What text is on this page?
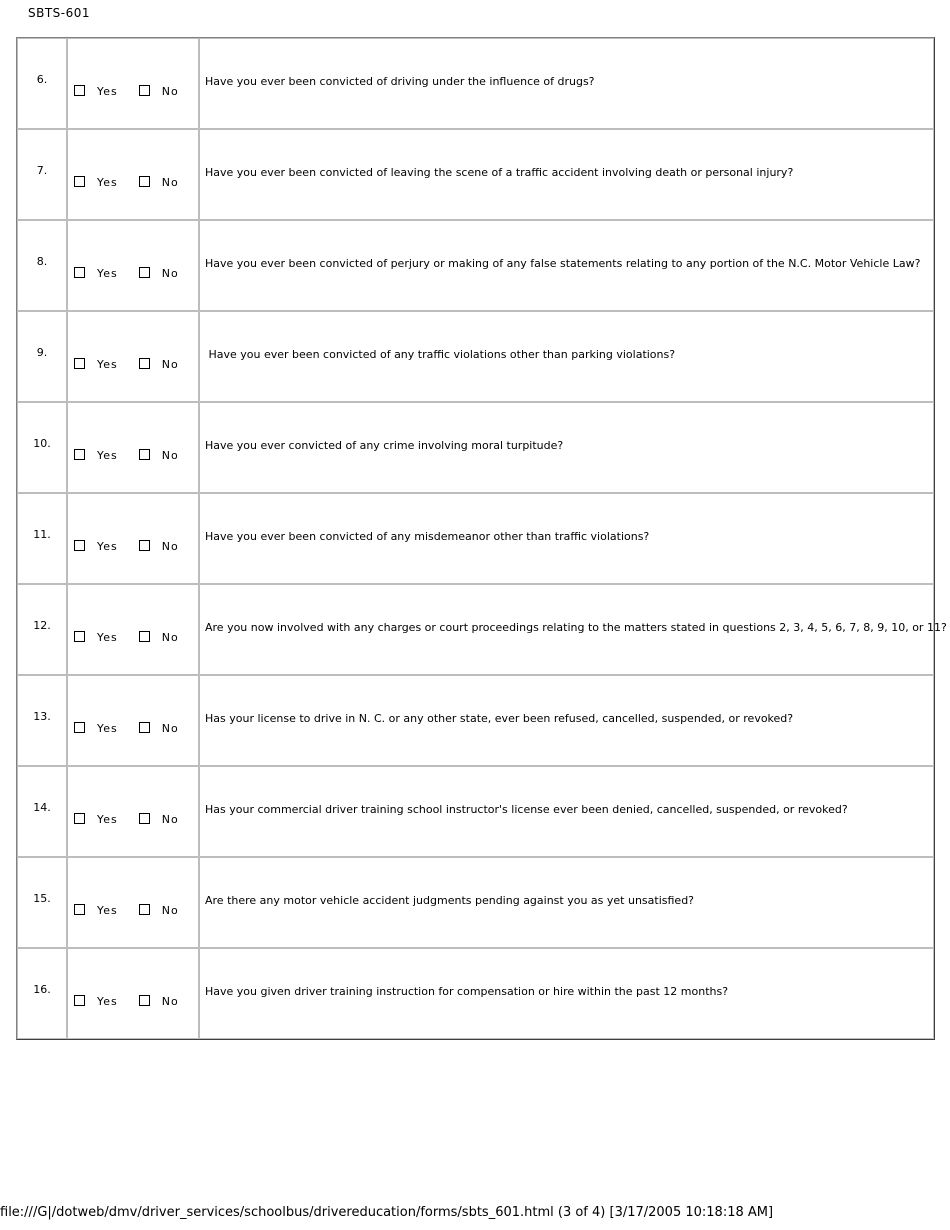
SBTS-601
6.	Yes No	Have you ever been convicted of driving under the influence of drugs?

7.	Yes No	Have you ever been convicted of leaving the scene of a traffic accident involving death or personal injury?

8.	Yes No	Have you ever been convicted of perjury or making of any false statements relating to any portion of the N.C. Motor Vehicle Law?

9.	Yes No	Have you ever been convicted of any traffic violations other than parking violations?

10.	Yes No	Have you ever convicted of any crime involving moral turpitude?

11.	Yes No	Have you ever been convicted of any misdemeanor other than traffic violations?

12.	Yes No	Are you now involved with any charges or court proceedings relating to the matters stated in questions 2, 3, 4, 5, 6, 7, 8, 9, 10, or 11?

13.	Yes No	Has your license to drive in N. C. or any other state, ever been refused, cancelled, suspended, or revoked?

14.	Yes No	Has your commercial driver training school instructor's license ever been denied, cancelled, suspended, or revoked?

15.	Yes No	Are there any motor vehicle accident judgments pending against you as yet unsatisfied?

16.	Yes No	Have you given driver training instruction for compensation or hire within the past 12 months?
file:///G|/dotweb/dmv/driver_services/schoolbus/drivereducation/forms/sbts_601.html (3 of 4) [3/17/2005 10:18:18 AM]
